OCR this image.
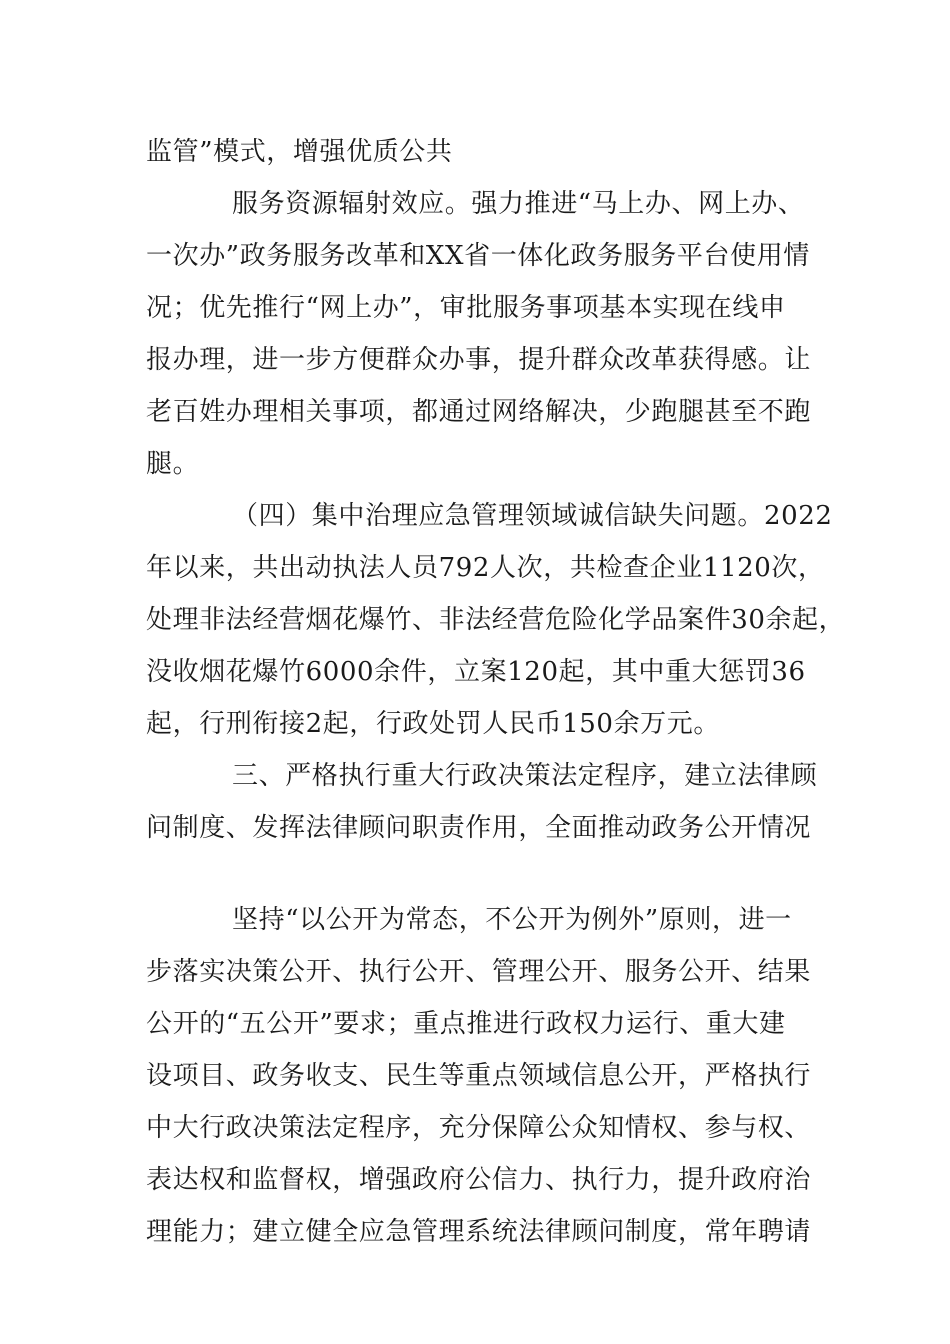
监管”模式，增强优质公共
服务资源辐射效应。强力推进“马上办、网上办、
一次办”政务服务改革和XX省一体化政务服务平台使用情
况；优先推行“网上办”，审批服务事项基本实现在线申
报办理，进一步方便群众办事，提升群众改革获得感。让
老百姓办理相关事项，都通过网络解决，少跑腿甚至不跑
腿。
（四）集中治理应急管理领域诚信缺失问题。2022
年以来，共出动执法人员792人次，共检查企业1120次，
处理非法经营烟花爆竹、非法经营危险化学品案件30余起，
没收烟花爆竹6000余件，立案120起，其中重大惩罚36
起，行刑衔接2起，行政处罚人民币150余万元。
三、严格执行重大行政决策法定程序，建立法律顾
问制度、发挥法律顾问职责作用，全面推动政务公开情况
坚持“以公开为常态，不公开为例外”原则，进一
步落实决策公开、执行公开、管理公开、服务公开、结果
公开的“五公开”要求；重点推进行政权力运行、重大建
设项目、政务收支、民生等重点领域信息公开，严格执行
中大行政决策法定程序，充分保障公众知情权、参与权、
表达权和监督权，增强政府公信力、执行力，提升政府治
理能力；建立健全应急管理系统法律顾问制度，常年聘请
